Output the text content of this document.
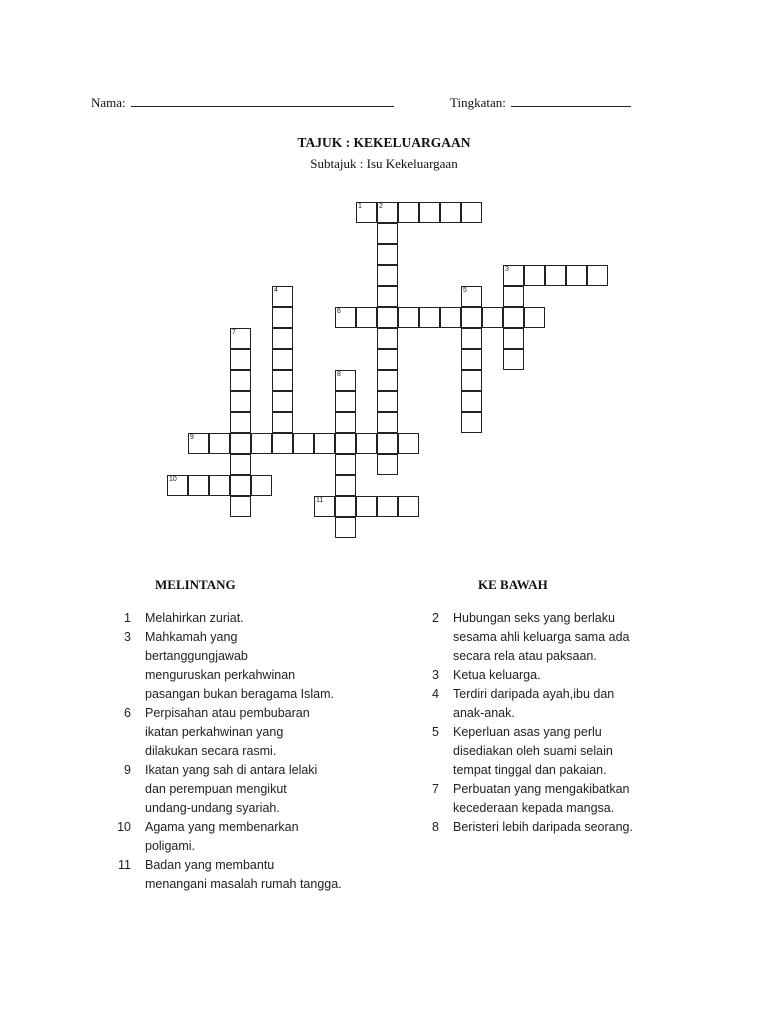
Nama:	Tingkatan:
TAJUK : KEKELUARGAAN
Subtajuk : Isu Kekeluargaan
1 2
3
4	5
6
7
8
9
10
11
MELINTANG	KE BAWAH
1 Melahirkan zuriat.
3 Mahkamah yang
bertanggungjawab
menguruskan perkahwinan
pasangan bukan beragama Islam.
6 Perpisahan atau pembubaran
ikatan perkahwinan yang
dilakukan secara rasmi.
9 Ikatan yang sah di antara lelaki
dan perempuan mengikut
undang-undang syariah.
10 Agama yang membenarkan
poligami.
11 Badan yang membantu
menangani masalah rumah tangga.
2 Hubungan seks yang berlaku
sesama ahli keluarga sama ada
secara rela atau paksaan.
3 Ketua keluarga.
4 Terdiri daripada ayah,ibu dan
anak-anak.
5 Keperluan asas yang perlu
disediakan oleh suami selain
tempat tinggal dan pakaian.
7 Perbuatan yang mengakibatkan
kecederaan kepada mangsa.
8 Beristeri lebih daripada seorang.
